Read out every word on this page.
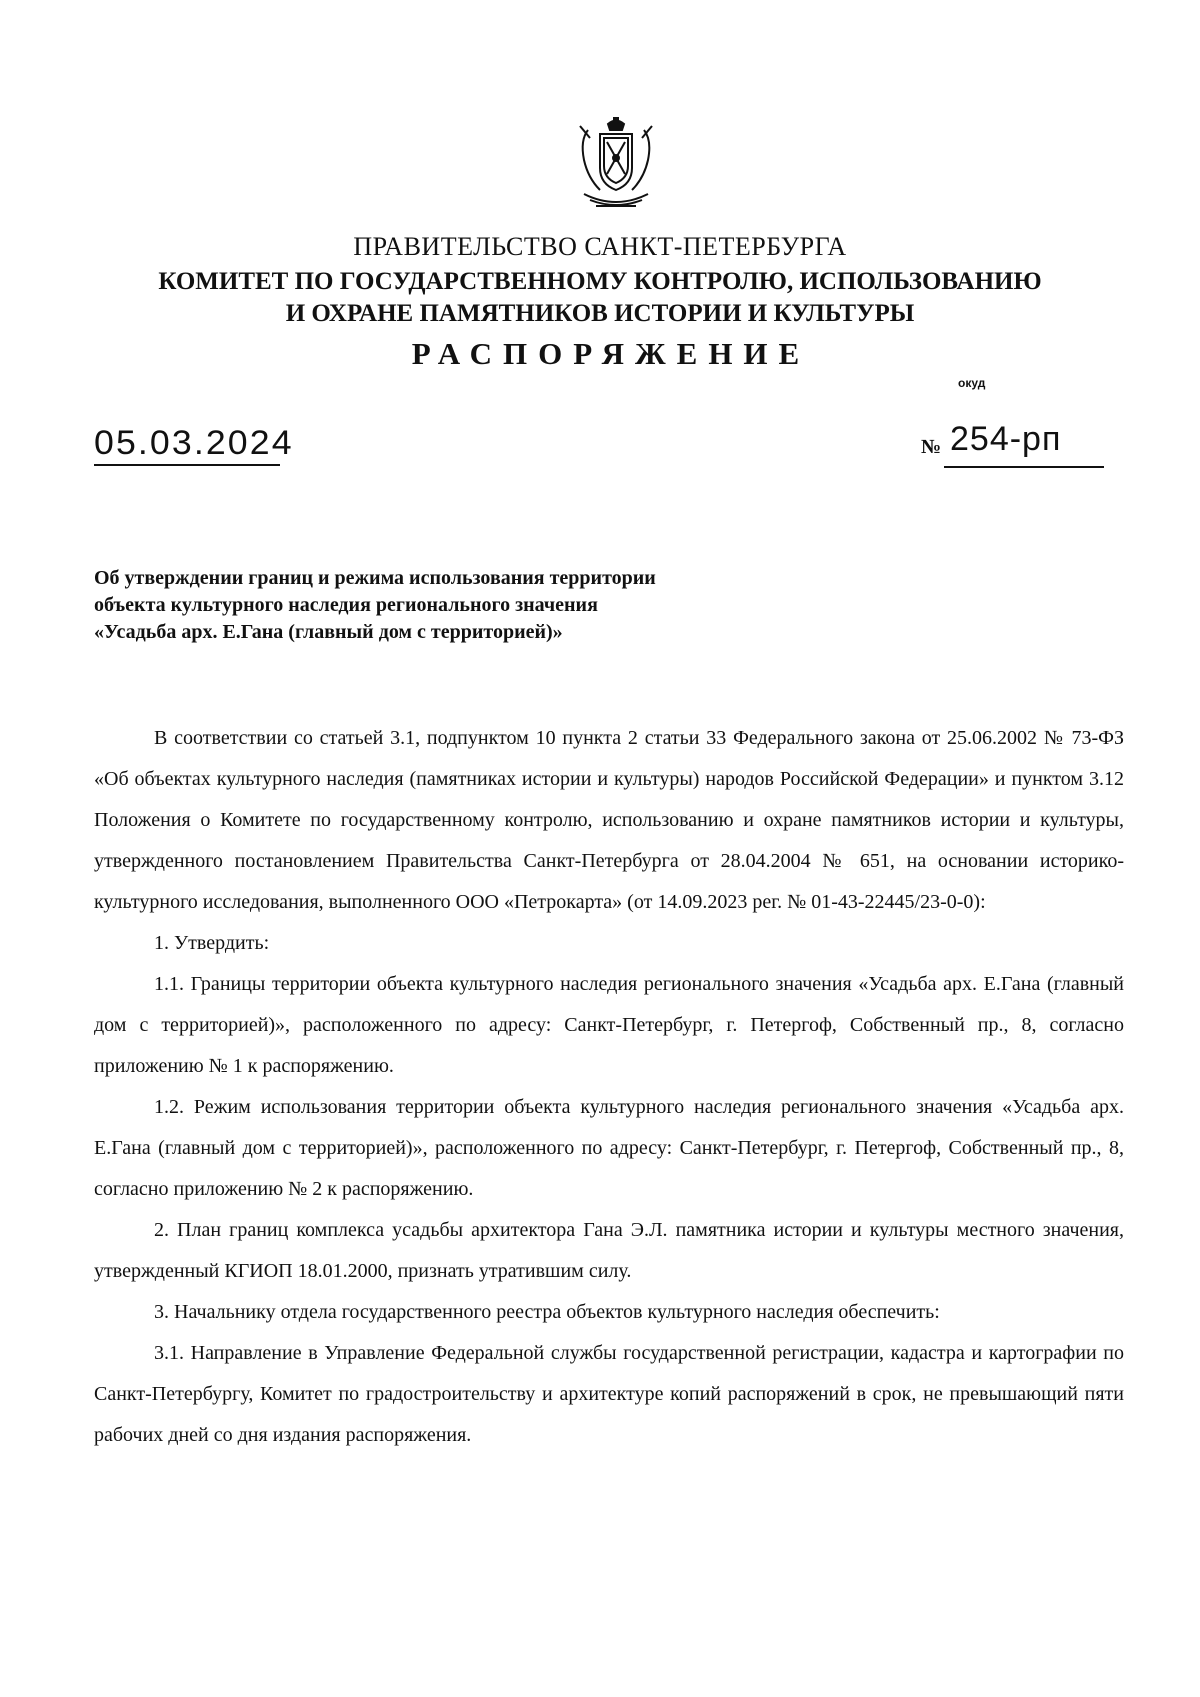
ПРАВИТЕЛЬСТВО САНКТ-ПЕТЕРБУРГА
КОМИТЕТ ПО ГОСУДАРСТВЕННОМУ КОНТРОЛЮ, ИСПОЛЬЗОВАНИЮ
И ОХРАНЕ ПАМЯТНИКОВ ИСТОРИИ И КУЛЬТУРЫ
РАСПОРЯЖЕНИЕ
окуд
05.03.2024	№ 254-рп
Об утверждении границ и режима использования территории
объекта культурного наследия регионального значения
«Усадьба арх. Е.Гана (главный дом с территорией)»

В соответствии со статьей 3.1, подпунктом 10 пункта 2 статьи 33 Федерального закона от 25.06.2002 № 73-ФЗ «Об объектах культурного наследия (памятниках истории и культуры) народов Российской Федерации» и пунктом 3.12 Положения о Комитете по государственному контролю, использованию и охране памятников истории и культуры, утвержденного постановлением Правительства Санкт-Петербурга от 28.04.2004 № 651, на основании историко-культурного исследования, выполненного ООО «Петрокарта» (от 14.09.2023 рег. № 01-43-22445/23-0-0):

1. Утвердить:

1.1. Границы территории объекта культурного наследия регионального значения «Усадьба арх. Е.Гана (главный дом с территорией)», расположенного по адресу: Санкт-Петербург, г. Петергоф, Собственный пр., 8, согласно приложению № 1 к распоряжению.

1.2. Режим использования территории объекта культурного наследия регионального значения «Усадьба арх. Е.Гана (главный дом с территорией)», расположенного по адресу: Санкт-Петербург, г. Петергоф, Собственный пр., 8, согласно приложению № 2 к распоряжению.

2. План границ комплекса усадьбы архитектора Гана Э.Л. памятника истории и культуры местного значения, утвержденный КГИОП 18.01.2000, признать утратившим силу.

3. Начальнику отдела государственного реестра объектов культурного наследия обеспечить:

3.1. Направление в Управление Федеральной службы государственной регистрации, кадастра и картографии по Санкт-Петербургу, Комитет по градостроительству и архитектуре копий распоряжений в срок, не превышающий пяти рабочих дней со дня издания распоряжения.
